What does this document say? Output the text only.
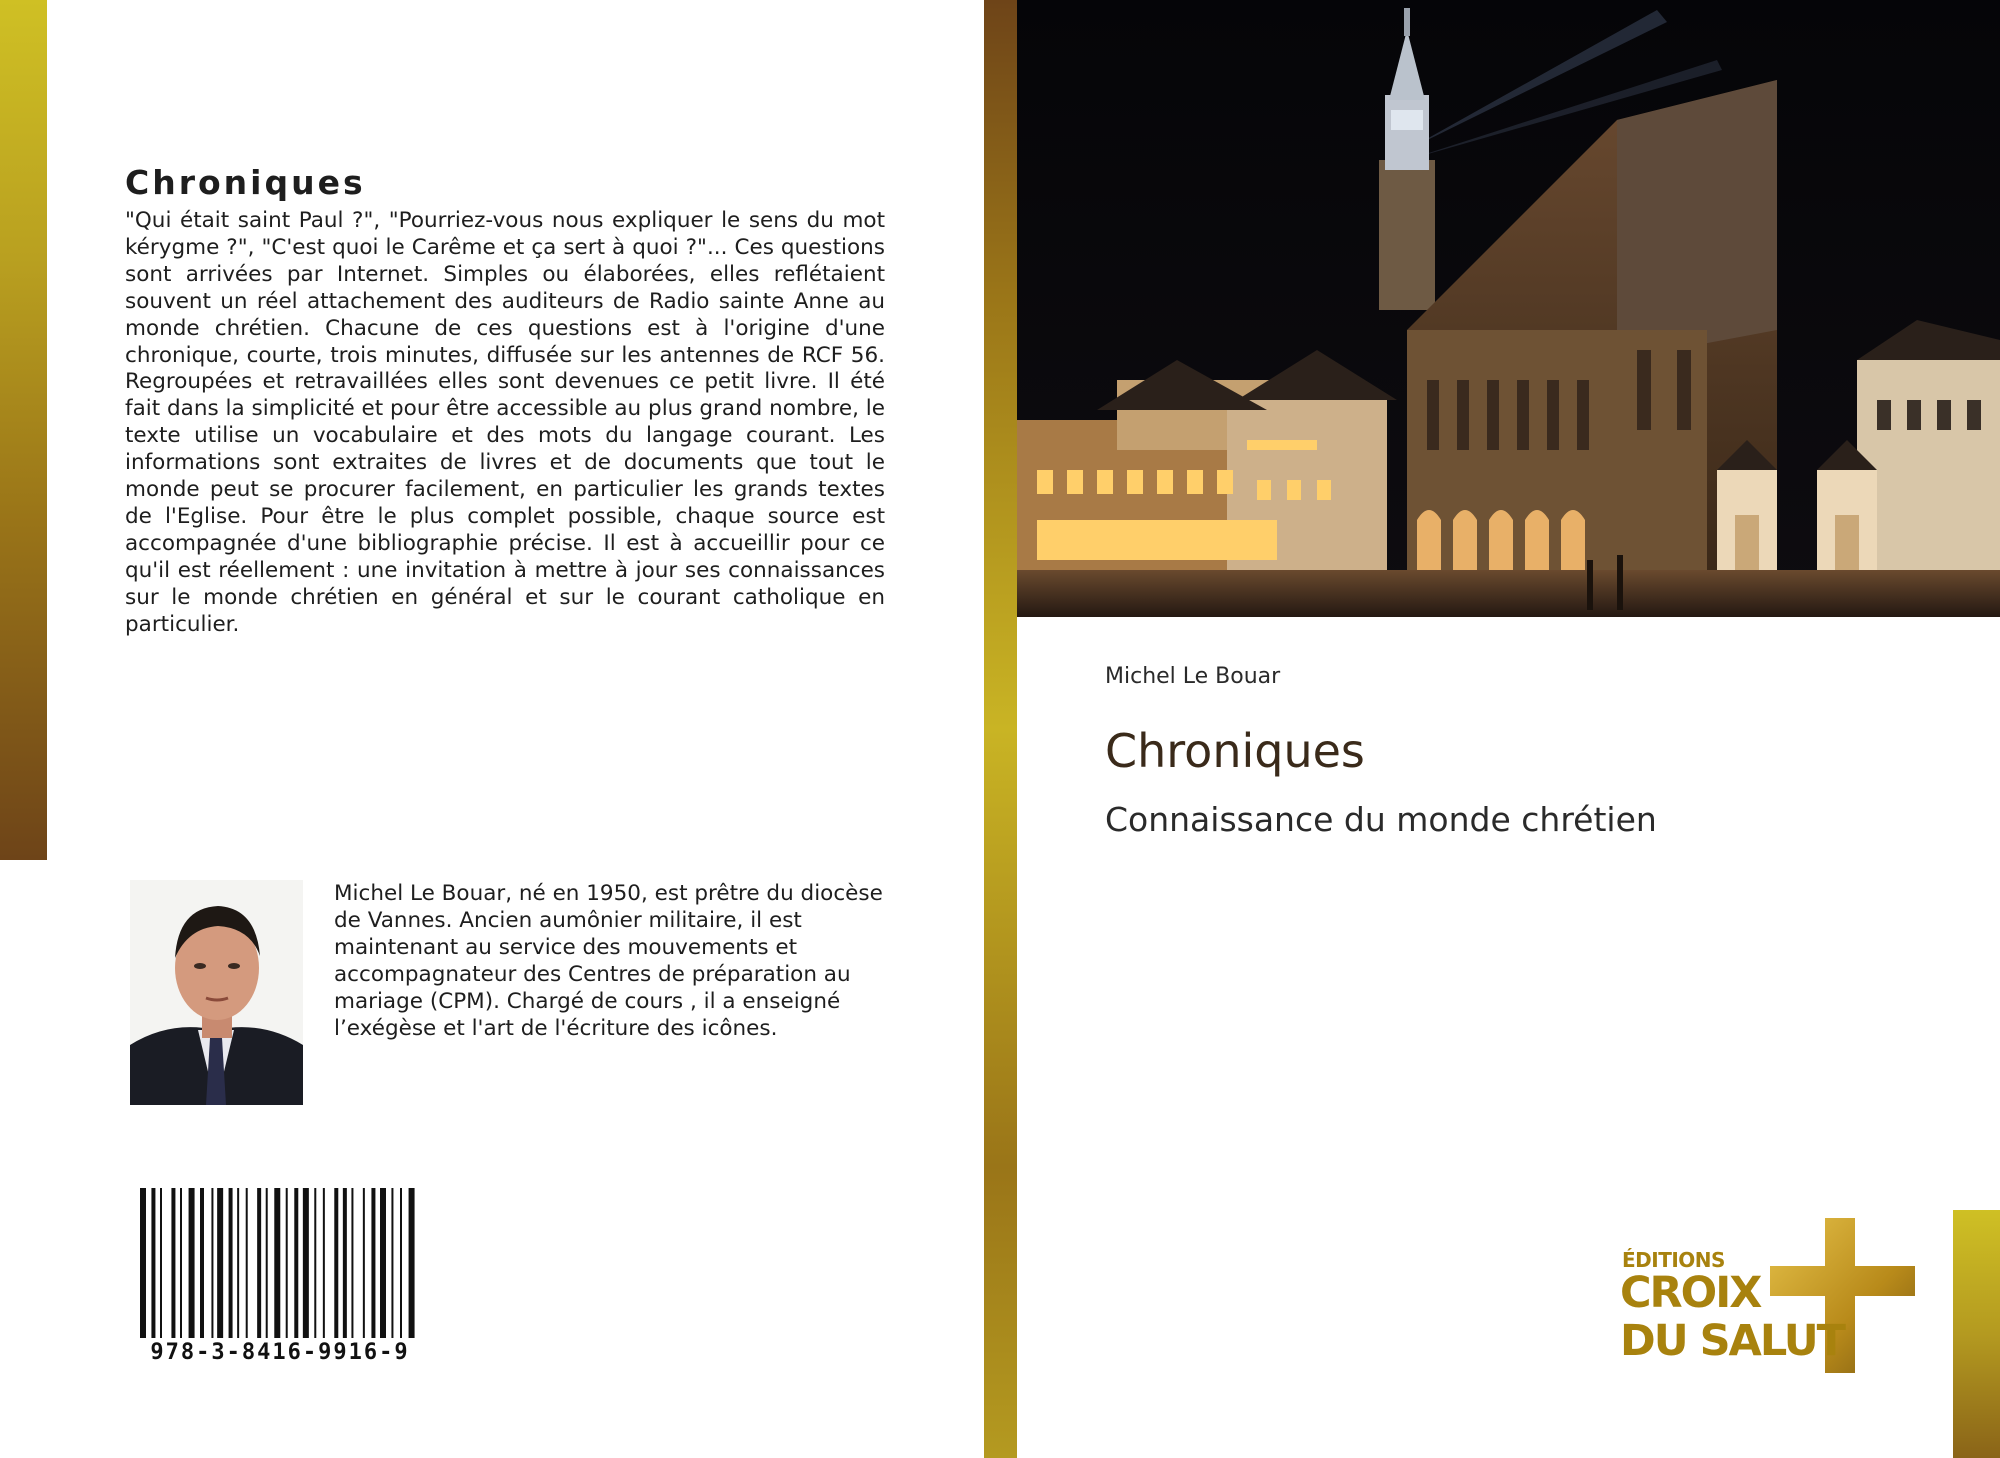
Chroniques

"Qui était saint Paul ?", "Pourriez-vous nous expliquer le sens du mot kérygme ?", "C'est quoi le Carême et ça sert à quoi ?"... Ces questions sont arrivées par Internet. Simples ou élaborées, elles reflétaient souvent un réel attachement des auditeurs de Radio sainte Anne au monde chrétien. Chacune de ces questions est à l'origine d'une chronique, courte, trois minutes, diffusée sur les antennes de RCF 56. Regroupées et retravaillées elles sont devenues ce petit livre. Il été fait dans la simplicité et pour être accessible au plus grand nombre, le texte utilise un vocabulaire et des mots du langage courant. Les informations sont extraites de livres et de documents que tout le monde peut se procurer facilement, en particulier les grands textes de l'Eglise. Pour être le plus complet possible, chaque source est accompagnée d'une bibliographie précise. Il est à accueillir pour ce qu'il est réellement : une invitation à mettre à jour ses connaissances sur le monde chrétien en général et sur le courant catholique en particulier.

Michel Le Bouar, né en 1950, est prêtre du diocèse de Vannes. Ancien aumônier militaire, il est maintenant au service des mouvements et accompagnateur des Centres de préparation au mariage (CPM). Chargé de cours , il a enseigné l’exégèse et l'art de l'écriture des icônes.

978-3-8416-9916-9

Michel Le Bouar

Chroniques

Connaissance du monde chrétien

ÉDITIONS
CROIX
DU SALUT
